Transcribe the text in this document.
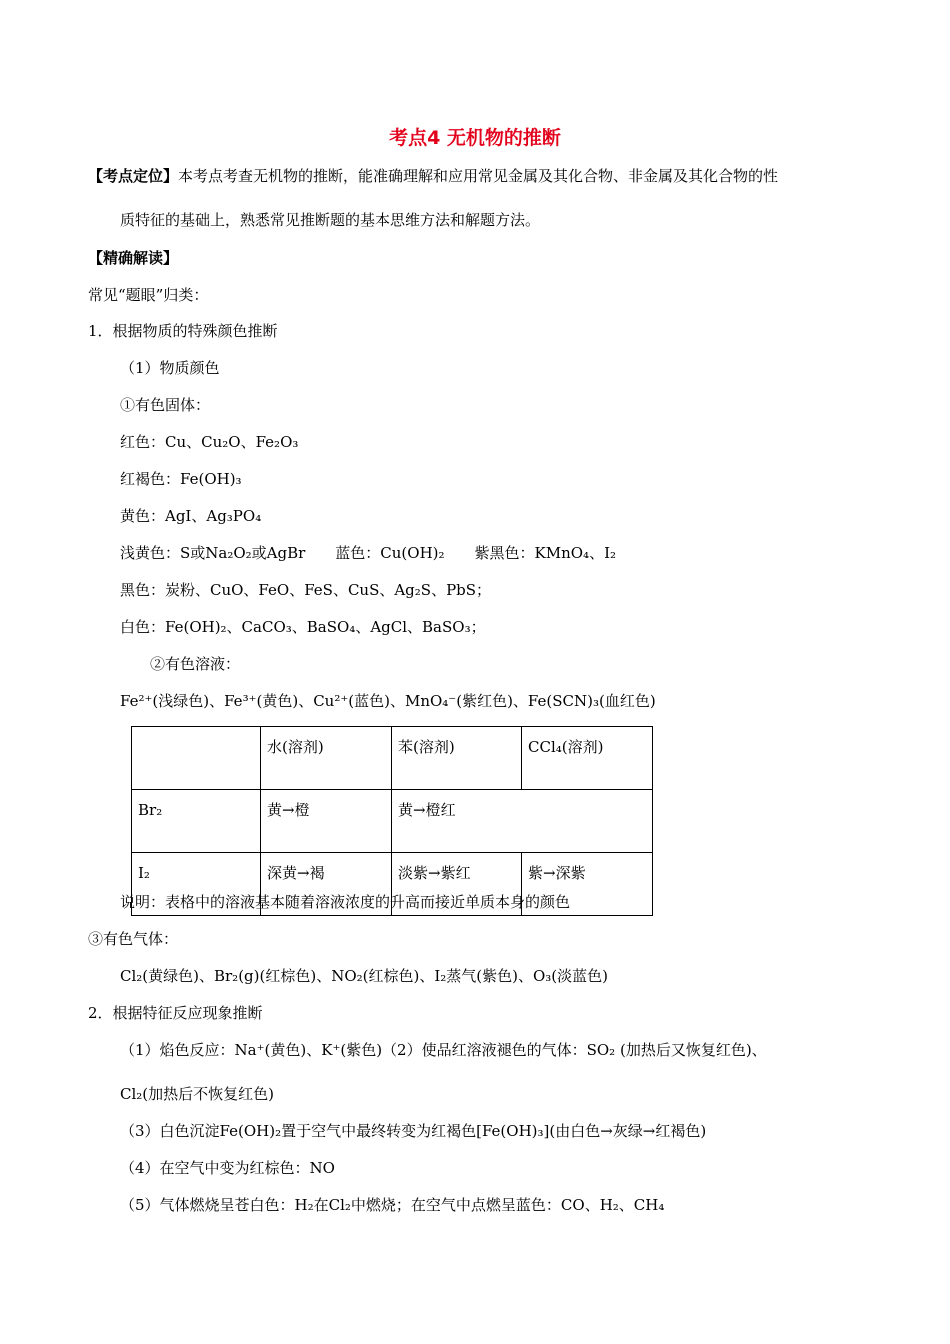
考点4 无机物的推断
【考点定位】本考点考查无机物的推断，能准确理解和应用常见金属及其化合物、非金属及其化合物的性
质特征的基础上，熟悉常见推断题的基本思维方法和解题方法。
【精确解读】
常见“题眼”归类：
1．根据物质的特殊颜色推断
（1）物质颜色
①有色固体：
红色：Cu、Cu₂O、Fe₂O₃
红褐色：Fe(OH)₃
黄色：AgI、Ag₃PO₄
浅黄色：S或Na₂O₂或AgBr　　蓝色：Cu(OH)₂　　紫黑色：KMnO₄、I₂
黑色：炭粉、CuO、FeO、FeS、CuS、Ag₂S、PbS；
白色：Fe(OH)₂、CaCO₃、BaSO₄、AgCl、BaSO₃；
②有色溶液：
Fe²⁺(浅绿色)、Fe³⁺(黄色)、Cu²⁺(蓝色)、MnO₄⁻(紫红色)、Fe(SCN)₃(血红色)
	水(溶剂)	苯(溶剂)	CCl₄(溶剂)
Br₂	黄→橙	黄→橙红	
I₂	深黄→褐	淡紫→紫红	紫→深紫
说明：表格中的溶液基本随着溶液浓度的升高而接近单质本身的颜色
③有色气体：
Cl₂(黄绿色)、Br₂(g)(红棕色)、NO₂(红棕色)、I₂蒸气(紫色)、O₃(淡蓝色)
2．根据特征反应现象推断
（1）焰色反应：Na⁺(黄色)、K⁺(紫色)（2）使品红溶液褪色的气体：SO₂ (加热后又恢复红色)、
Cl₂(加热后不恢复红色)
（3）白色沉淀Fe(OH)₂置于空气中最终转变为红褐色[Fe(OH)₃](由白色→灰绿→红褐色)
（4）在空气中变为红棕色：NO
（5）气体燃烧呈苍白色：H₂在Cl₂中燃烧；在空气中点燃呈蓝色：CO、H₂、CH₄
